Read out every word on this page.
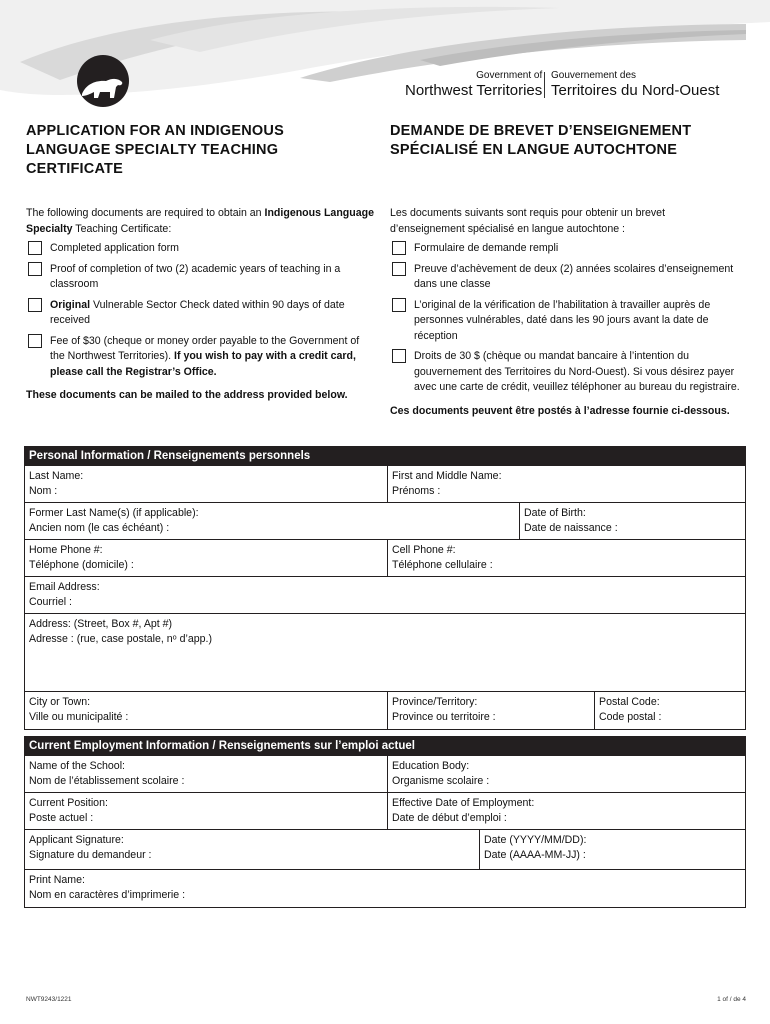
Government of
Northwest Territories
Gouvernement des
Territoires du Nord-Ouest
APPLICATION FOR AN INDIGENOUS LANGUAGE SPECIALTY TEACHING CERTIFICATE
DEMANDE DE BREVET D’ENSEIGNEMENT SPÉCIALISÉ EN LANGUE AUTOCHTONE

The following documents are required to obtain an Indigenous Language Specialty Teaching Certificate:

Completed application form
Proof of completion of two (2) academic years of teaching in a classroom
Original Vulnerable Sector Check dated within 90 days of date received
Fee of $30 (cheque or money order payable to the Government of the Northwest Territories). If you wish to pay with a credit card, please call the Registrar’s Office.

These documents can be mailed to the address provided below.

Les documents suivants sont requis pour obtenir un brevet d’enseignement spécialisé en langue autochtone :

Formulaire de demande rempli
Preuve d’achèvement de deux (2) années scolaires d’enseignement dans une classe
L’original de la vérification de l’habilitation à travailler auprès de personnes vulnérables, daté dans les 90 jours avant la date de réception
Droits de 30 $ (chèque ou mandat bancaire à l’intention du gouvernement des Territoires du Nord-Ouest). Si vous désirez payer avec une carte de crédit, veuillez téléphoner au bureau du registraire.

Ces documents peuvent être postés à l’adresse fournie ci-dessous.

Personal Information / Renseignements personnels
Last Name:
Nom :
First and Middle Name:
Prénoms :
Former Last Name(s) (if applicable):
Ancien nom (le cas échéant) :
Date of Birth:
Date de naissance :
Home Phone #:
Téléphone (domicile) :
Cell Phone #:
Téléphone cellulaire :
Email Address:
Courriel :
Address: (Street, Box #, Apt #)
Adresse : (rue, case postale, nᵒ d’app.)
City or Town:
Ville ou municipalité :
Province/Territory:
Province ou territoire :
Postal Code:
Code postal :
Current Employment Information / Renseignements sur l’emploi actuel
Name of the School:
Nom de l’établissement scolaire :
Education Body:
Organisme scolaire :
Current Position:
Poste actuel :
Effective Date of Employment:
Date de début d’emploi :
Applicant Signature:
Signature du demandeur :
Date (YYYY/MM/DD):
Date (AAAA-MM-JJ) :
Print Name:
Nom en caractères d’imprimerie :
NWT9243/1221	1 of / de 4
